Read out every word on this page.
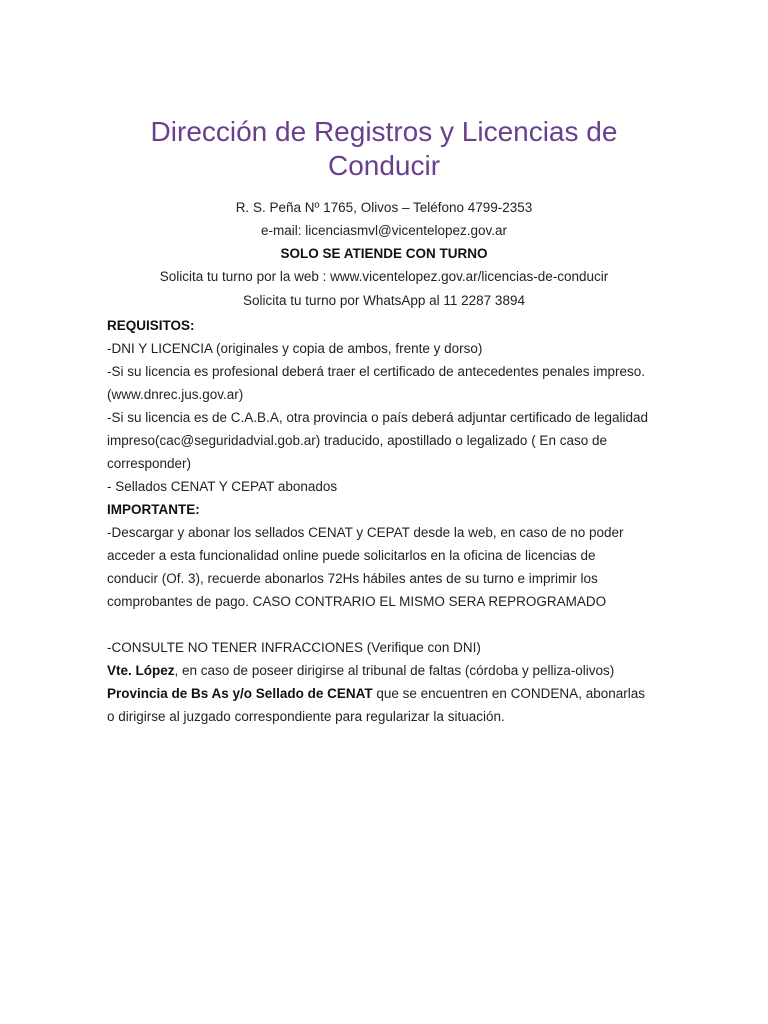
Dirección de Registros y Licencias de
Conducir

R. S. Peña Nº 1765, Olivos – Teléfono 4799-2353

e-mail: licenciasmvl@vicentelopez.gov.ar

SOLO SE ATIENDE CON TURNO

Solicita tu turno por la web : www.vicentelopez.gov.ar/licencias-de-conducir

Solicita tu turno por WhatsApp al 11 2287 3894

REQUISITOS:

-DNI Y LICENCIA (originales y copia de ambos, frente y dorso)

-Si su licencia es profesional deberá traer el certificado de antecedentes penales impreso.

(www.dnrec.jus.gov.ar)

-Si su licencia es de C.A.B.A, otra provincia o país deberá adjuntar certificado de legalidad

impreso(cac@seguridadvial.gob.ar) traducido, apostillado o legalizado ( En caso de

corresponder)

- Sellados CENAT Y CEPAT abonados

IMPORTANTE:

-Descargar y abonar los sellados CENAT y CEPAT desde la web, en caso de no poder

acceder a esta funcionalidad online puede solicitarlos en la oficina de licencias de

conducir (Of. 3), recuerde abonarlos 72Hs hábiles antes de su turno e imprimir los

comprobantes de pago. CASO CONTRARIO EL MISMO SERA REPROGRAMADO

-CONSULTE NO TENER INFRACCIONES (Verifique con DNI)

Vte. López, en caso de poseer dirigirse al tribunal de faltas (córdoba y pelliza-olivos)

Provincia de Bs As y/o Sellado de CENAT que se encuentren en CONDENA, abonarlas

o dirigirse al juzgado correspondiente para regularizar la situación.
